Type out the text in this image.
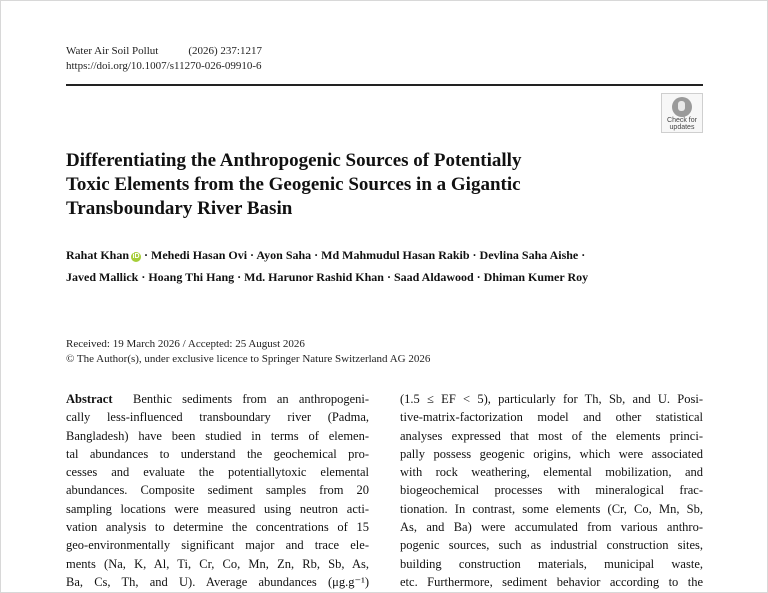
Water Air Soil Pollut	(2026) 237:1217
https://doi.org/10.1007/s11270-026-09910-6
Check for
updates
Differentiating the Anthropogenic Sources of Potentially
Toxic Elements from the Geogenic Sources in a Gigantic
Transboundary River Basin
Rahat Khan iD · Mehedi Hasan Ovi · Ayon Saha · Md Mahmudul Hasan Rakib · Devlina Saha Aishe ·
Javed Mallick · Hoang Thi Hang · Md. Harunor Rashid Khan · Saad Aldawood · Dhiman Kumer Roy
Received: 19 March 2026 / Accepted: 25 August 2026
© The Author(s), under exclusive licence to Springer Nature Switzerland AG 2026
Abstract Benthic sediments from an anthropogeni-
cally less-influenced transboundary river (Padma,
Bangladesh) have been studied in terms of elemen-
tal abundances to understand the geochemical pro-
cesses and evaluate the potentiallytoxic elemental
abundances. Composite sediment samples from 20
sampling locations were measured using neutron acti-
vation analysis to determine the concentrations of 15
geo-environmentally significant major and trace ele-
ments (Na, K, Al, Ti, Cr, Co, Mn, Zn, Rb, Sb, As,
Ba, Cs, Th, and U). Average abundances (μg.g⁻¹)
(1.5 ≤ EF < 5), particularly for Th, Sb, and U. Posi-
tive-matrix-factorization model and other statistical
analyses expressed that most of the elements princi-
pally possess geogenic origins, which were associated
with rock weathering, elemental mobilization, and
biogeochemical processes with mineralogical frac-
tionation. In contrast, some elements (Cr, Co, Mn, Sb,
As, and Ba) were accumulated from various anthro-
pogenic sources, such as industrial construction sites,
building construction materials, municipal waste,
etc. Furthermore, sediment behavior according to the
